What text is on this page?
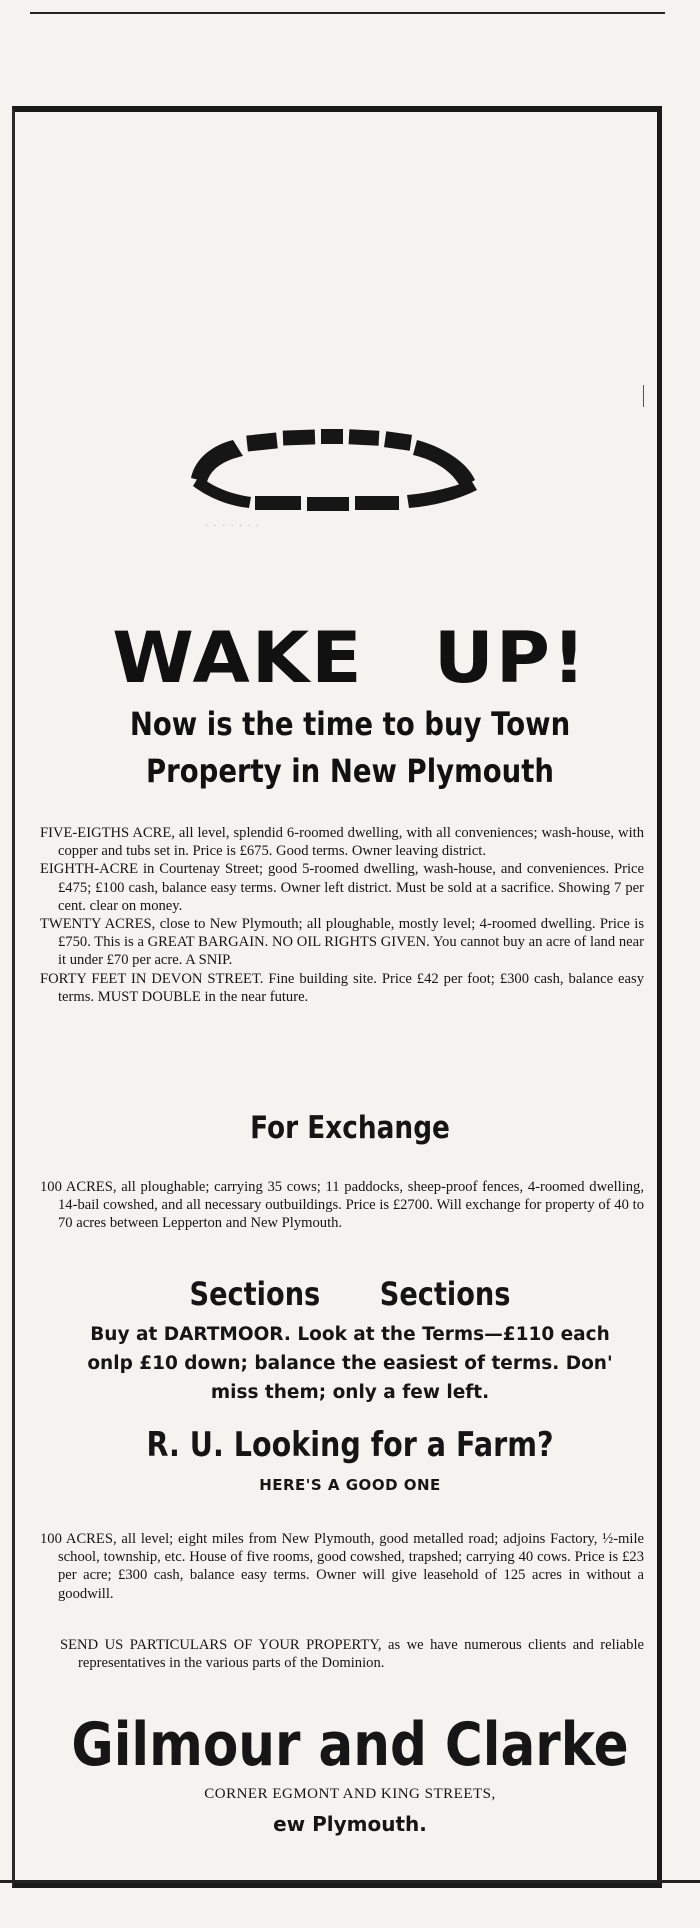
· · · · · · ·
WAKE UP!
Now is the time to buy Town
Property in New Plymouth

FIVE-EIGTHS ACRE, all level, splendid 6-roomed dwelling, with all conveniences; wash-house, with copper and tubs set in. Price is £675. Good terms. Owner leaving district.

EIGHTH-ACRE in Courtenay Street; good 5-roomed dwelling, wash-house, and conveniences. Price £475; £100 cash, balance easy terms. Owner left district. Must be sold at a sacrifice. Showing 7 per cent. clear on money.

TWENTY ACRES, close to New Plymouth; all ploughable, mostly level; 4-roomed dwelling. Price is £750. This is a GREAT BARGAIN. NO OIL RIGHTS GIVEN. You cannot buy an acre of land near it under £70 per acre. A SNIP.

FORTY FEET IN DEVON STREET. Fine building site. Price £42 per foot; £300 cash, balance easy terms. MUST DOUBLE in the near future.

For Exchange

100 ACRES, all ploughable; carrying 35 cows; 11 paddocks, sheep-proof fences, 4-roomed dwelling, 14-bail cowshed, and all necessary outbuildings. Price is £2700. Will exchange for property of 40 to 70 acres between Lepperton and New Plymouth.

Sections Sections
Buy at DARTMOOR. Look at the Terms—£110 each
onlp £10 down; balance the easiest of terms. Don'
miss them; only a few left.
R. U. Looking for a Farm?
HERE'S A GOOD ONE

100 ACRES, all level; eight miles from New Plymouth, good metalled road; adjoins Factory, ½-mile school, township, etc. House of five rooms, good cowshed, trapshed; carrying 40 cows. Price is £23 per acre; £300 cash, balance easy terms. Owner will give leasehold of 125 acres in without a goodwill.

SEND US PARTICULARS OF YOUR PROPERTY, as we have numerous clients and reliable representatives in the various parts of the Dominion.

Gilmour and Clarke
CORNER EGMONT AND KING STREETS,
ew Plymouth.
